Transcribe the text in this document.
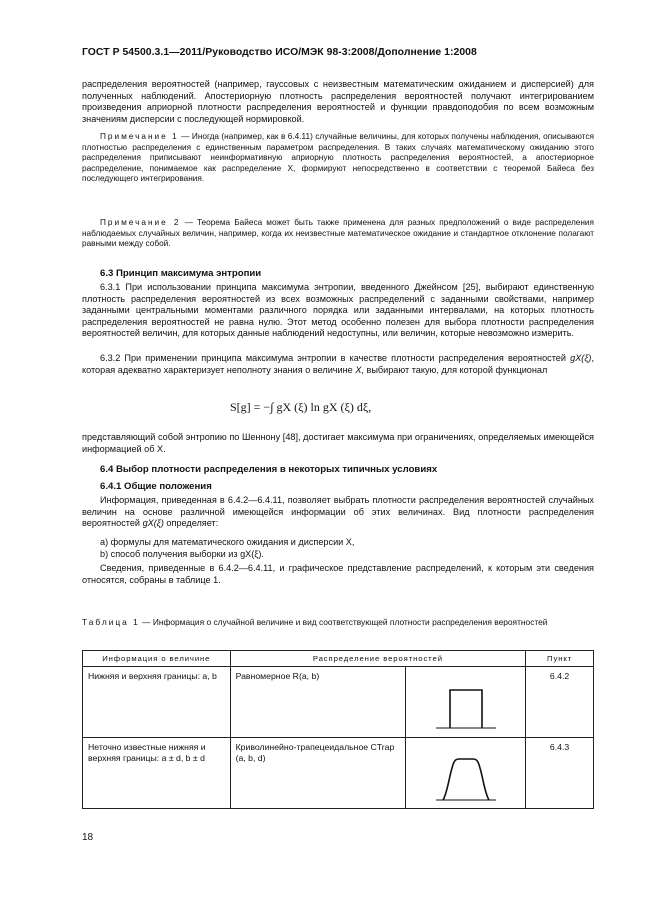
ГОСТ Р 54500.3.1—2011/Руководство ИСО/МЭК 98-3:2008/Дополнение 1:2008
распределения вероятностей (например, гауссовых с неизвестным математическим ожиданием и дисперсией) для полученных наблюдений. Апостериорную плотность распределения вероятностей получают интегрированием произведения априорной плотности распределения вероятностей и функции правдоподобия по всем возможным значениям дисперсии с последующей нормировкой.
Примечание 1 — Иногда (например, как в 6.4.11) случайные величины, для которых получены наблюдения, описываются плотностью распределения с единственным параметром распределения. В таких случаях математическому ожиданию этого распределения приписывают неинформативную априорную плотность распределения вероятностей, а апостериорное распределение, понимаемое как распределение X, формируют непосредственно в соответствии с теоремой Байеса без последующего интегрирования.
Примечание 2 — Теорема Байеса может быть также применена для разных предположений о виде распределения наблюдаемых случайных величин, например, когда их неизвестные математическое ожидание и стандартное отклонение полагают равными между собой.
6.3 Принцип максимума энтропии
6.3.1 При использовании принципа максимума энтропии, введенного Джейнсом [25], выбирают единственную плотность распределения вероятностей из всех возможных распределений с заданными свойствами, например заданными центральными моментами различного порядка или заданными интервалами, на которых плотность распределения вероятностей не равна нулю. Этот метод особенно полезен для выбора плотности распределения вероятностей величин, для которых данные наблюдений недоступны, или величин, которые невозможно измерить.
6.3.2 При применении принципа максимума энтропии в качестве плотности распределения вероятностей gX(ξ), которая адекватно характеризует неполноту знания о величине X, выбирают такую, для которой функционал
S[g] = −∫ gX (ξ) ln gX (ξ) dξ,
представляющий собой энтропию по Шеннону [48], достигает максимума при ограничениях, определяемых имеющейся информацией об X.
6.4 Выбор плотности распределения в некоторых типичных условиях
6.4.1 Общие положения
Информация, приведенная в 6.4.2—6.4.11, позволяет выбрать плотности распределения вероятностей случайных величин на основе различной имеющейся информации об этих величинах. Вид плотности распределения вероятностей gX(ξ) определяет:
a) формулы для математического ожидания и дисперсии X,
b) способ получения выборки из gX(ξ).
Сведения, приведенные в 6.4.2—6.4.11, и графическое представление распределений, к которым эти сведения относятся, собраны в таблице 1.
Таблица 1 — Информация о случайной величине и вид соответствующей плотности распределения вероятностей
Информация о величине	Распределение вероятностей		Пункт

Нижняя и верхняя границы: a, b	Равномерное R(a, b)		6.4.2

Неточно известные нижняя и верхняя границы: a ± d, b ± d	Криволинейно-трапецеидальное CTrap (a, b, d)		6.4.3
18
